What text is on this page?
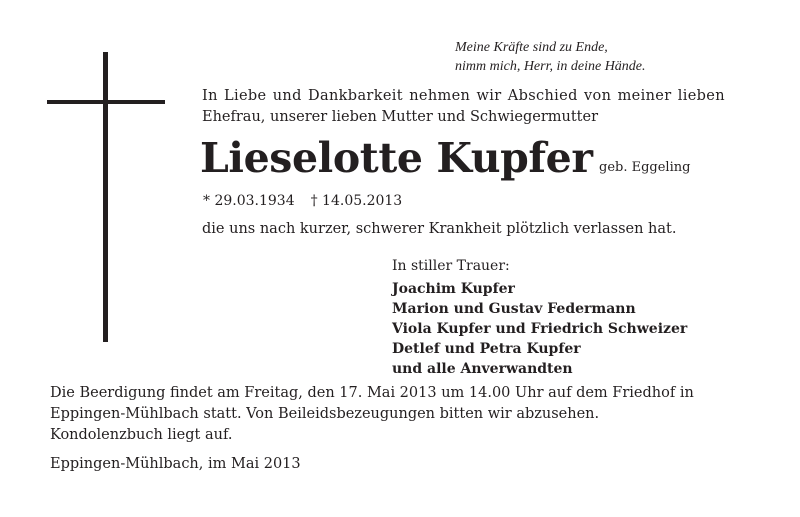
Meine Kräfte sind zu Ende,
nimm mich, Herr, in deine Hände.
In Liebe und Dankbarkeit nehmen wir Abschied von meiner lieben
Ehefrau, unserer lieben Mutter und Schwiegermutter
Lieselotte Kupfer geb. Eggeling
* 29.03.1934 † 14.05.2013
die uns nach kurzer, schwerer Krankheit plötzlich verlassen hat.
In stiller Trauer:
Joachim Kupfer
Marion und Gustav Federmann
Viola Kupfer und Friedrich Schweizer
Detlef und Petra Kupfer
und alle Anverwandten
Die Beerdigung findet am Freitag, den 17. Mai 2013 um 14.00 Uhr auf dem Friedhof in
Eppingen-Mühlbach statt. Von Beileidsbezeugungen bitten wir abzusehen.
Kondolenzbuch liegt auf.
Eppingen-Mühlbach, im Mai 2013
